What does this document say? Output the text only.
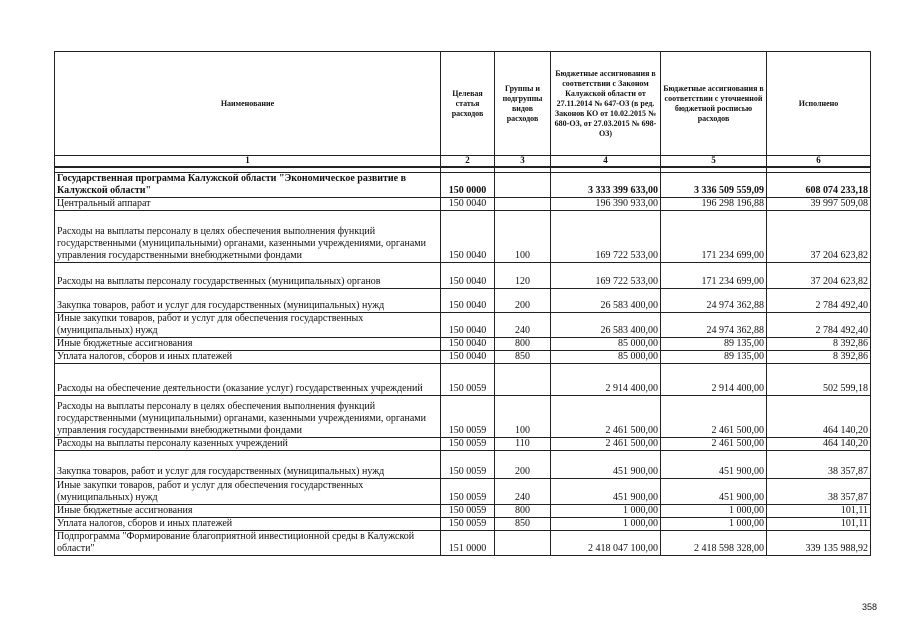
Наименование	Целевая статья расходов	Группы и подгруппы видов расходов	Бюджетные ассигнования в соответствии с Законом Калужской области от 27.11.2014 № 647-ОЗ (в ред. Законов КО от 10.02.2015 № 680-ОЗ, от 27.03.2015 № 698-ОЗ)	Бюджетные ассигнования в соответствии с уточненной бюджетной росписью расходов	Исполнено
1	2	3	4	5	6

Государственная программа Калужской области "Экономическое развитие в Калужской области"	150 0000		3 333 399 633,00	3 336 509 559,09	608 074 233,18
Центральный аппарат	150 0040		196 390 933,00	196 298 196,88	39 997 509,08
Расходы на выплаты персоналу в целях обеспечения выполнения функций государственными (муниципальными) органами, казенными учреждениями, органами управления государственными внебюджетными фондами	150 0040	100	169 722 533,00	171 234 699,00	37 204 623,82
Расходы на выплаты персоналу государственных (муниципальных) органов	150 0040	120	169 722 533,00	171 234 699,00	37 204 623,82
Закупка товаров, работ и услуг для государственных (муниципальных) нужд	150 0040	200	26 583 400,00	24 974 362,88	2 784 492,40
Иные закупки товаров, работ и услуг для обеспечения государственных (муниципальных) нужд	150 0040	240	26 583 400,00	24 974 362,88	2 784 492,40
Иные бюджетные ассигнования	150 0040	800	85 000,00	89 135,00	8 392,86
Уплата налогов, сборов и иных платежей	150 0040	850	85 000,00	89 135,00	8 392,86
Расходы на обеспечение деятельности (оказание услуг) государственных учреждений	150 0059		2 914 400,00	2 914 400,00	502 599,18
Расходы на выплаты персоналу в целях обеспечения выполнения функций государственными (муниципальными) органами, казенными учреждениями, органами управления государственными внебюджетными фондами	150 0059	100	2 461 500,00	2 461 500,00	464 140,20
Расходы на выплаты персоналу казенных учреждений	150 0059	110	2 461 500,00	2 461 500,00	464 140,20
Закупка товаров, работ и услуг для государственных (муниципальных) нужд	150 0059	200	451 900,00	451 900,00	38 357,87
Иные закупки товаров, работ и услуг для обеспечения государственных (муниципальных) нужд	150 0059	240	451 900,00	451 900,00	38 357,87
Иные бюджетные ассигнования	150 0059	800	1 000,00	1 000,00	101,11
Уплата налогов, сборов и иных платежей	150 0059	850	1 000,00	1 000,00	101,11
Подпрограмма "Формирование благоприятной инвестиционной среды в Калужской области"	151 0000		2 418 047 100,00	2 418 598 328,00	339 135 988,92
358
